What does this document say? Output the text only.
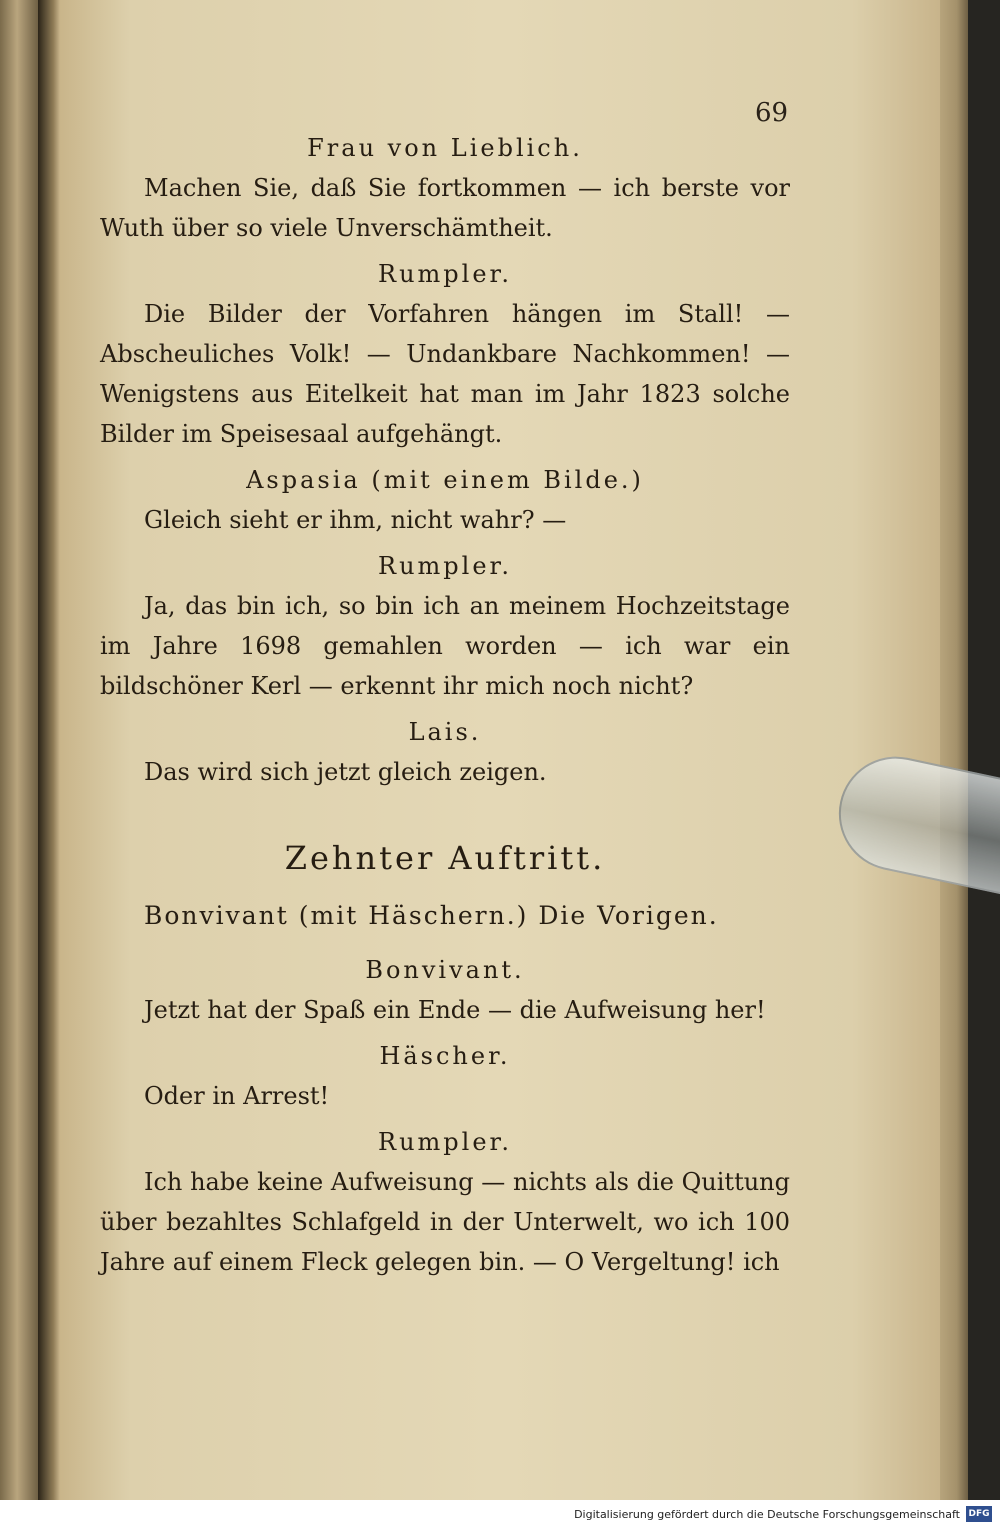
69
Frau von Lieblich.

Machen Sie, daß Sie fortkommen — ich berste vor Wuth über so viele Unverschämtheit.

Rumpler.

Die Bilder der Vorfahren hängen im Stall! — Abscheuliches Volk! — Undankbare Nachkommen! — Wenigstens aus Eitelkeit hat man im Jahr 1823 solche Bilder im Speisesaal aufgehängt.

Aspasia (mit einem Bilde.)

Gleich sieht er ihm, nicht wahr? —

Rumpler.

Ja, das bin ich, so bin ich an meinem Hochzeitstage im Jahre 1698 gemahlen worden — ich war ein bildschöner Kerl — erkennt ihr mich noch nicht?

Lais.

Das wird sich jetzt gleich zeigen.

Zehnter Auftritt.
Bonvivant (mit Häschern.) Die Vorigen.
Bonvivant.

Jetzt hat der Spaß ein Ende — die Aufweisung her!

Häscher.

Oder in Arrest!

Rumpler.

Ich habe keine Aufweisung — nichts als die Quittung über bezahltes Schlafgeld in der Unterwelt, wo ich 100 Jahre auf einem Fleck gelegen bin. — O Vergeltung! ich

Digitalisierung gefördert durch die Deutsche Forschungsgemeinschaft DFG
